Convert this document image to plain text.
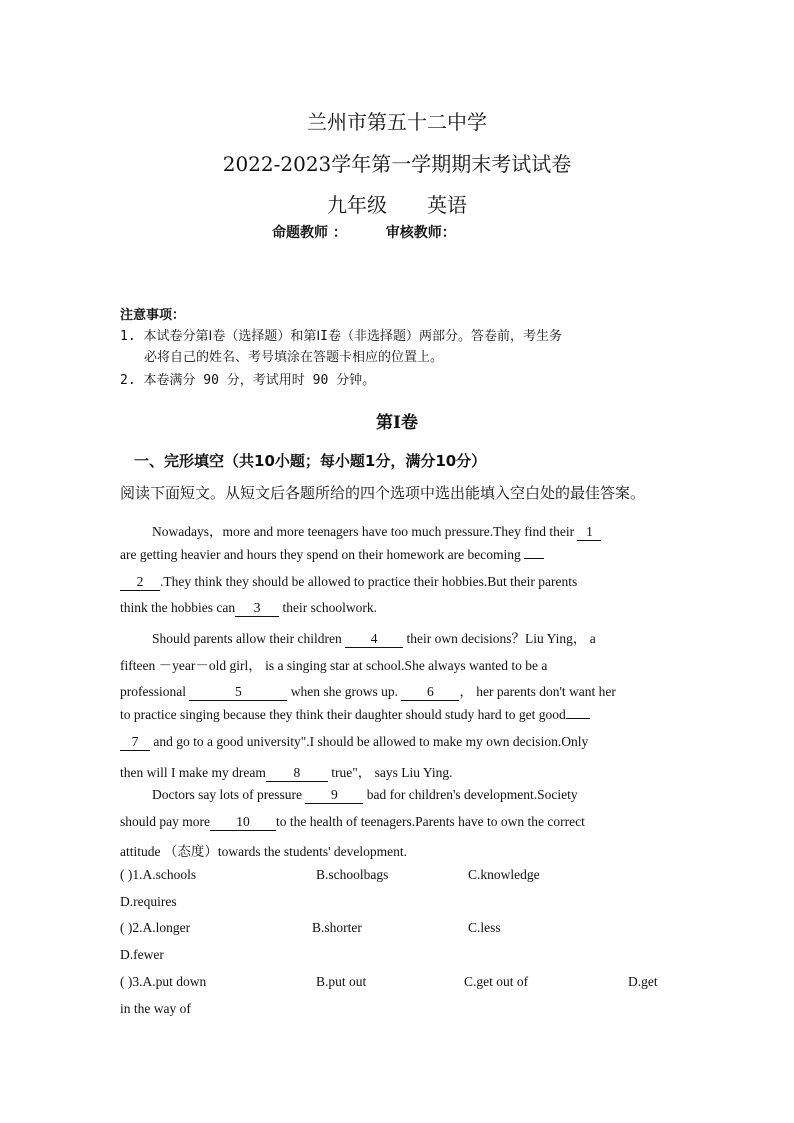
兰州市第五十二中学
2022-2023学年第一学期期末考试试卷
九年级 英语
命题教师 ：	审核教师：
注意事项：
1. 本试卷分第Ⅰ卷（选择题）和第ⅠI卷（非选择题）两部分。答卷前，考生务
必将自己的姓名、考号填涂在答题卡相应的位置上。
2. 本卷满分 90 分，考试用时 90 分钟。
第Ⅰ卷
一、完形填空（共10小题；每小题1分，满分10分）
阅读下面短文。从短文后各题所给的四个选项中选出能填入空白处的最佳答案。
Nowadays，more and more teenagers have too much pressure.They find their 1
are getting heavier and hours they spend on their homework are becoming
2 .They think they should be allowed to practice their hobbies.But their parents
think the hobbies can 3 their schoolwork.
Should parents allow their children 4 their own decisions？Liu Ying， a
fifteen －year－old girl， is a singing star at school.She always wanted to be a
professional	5	when she grows up. 6 ， her parents don't want her
to practice singing because they think their daughter should study hard to get good
7 and go to a good university".I should be allowed to make my own decision.Only
then will I make my dream 8 true"， says Liu Ying.
Doctors say lots of pressure 9 bad for children's development.Society
should pay more 10 to the health of teenagers.Parents have to own the correct
attitude （态度）towards the students' development.
( )1.A.schools	B.schoolbags	C.knowledge
D.requires
( )2.A.longer	B.shorter	C.less
D.fewer
( )3.A.put down	B.put out	C.get out of	D.get
in the way of
